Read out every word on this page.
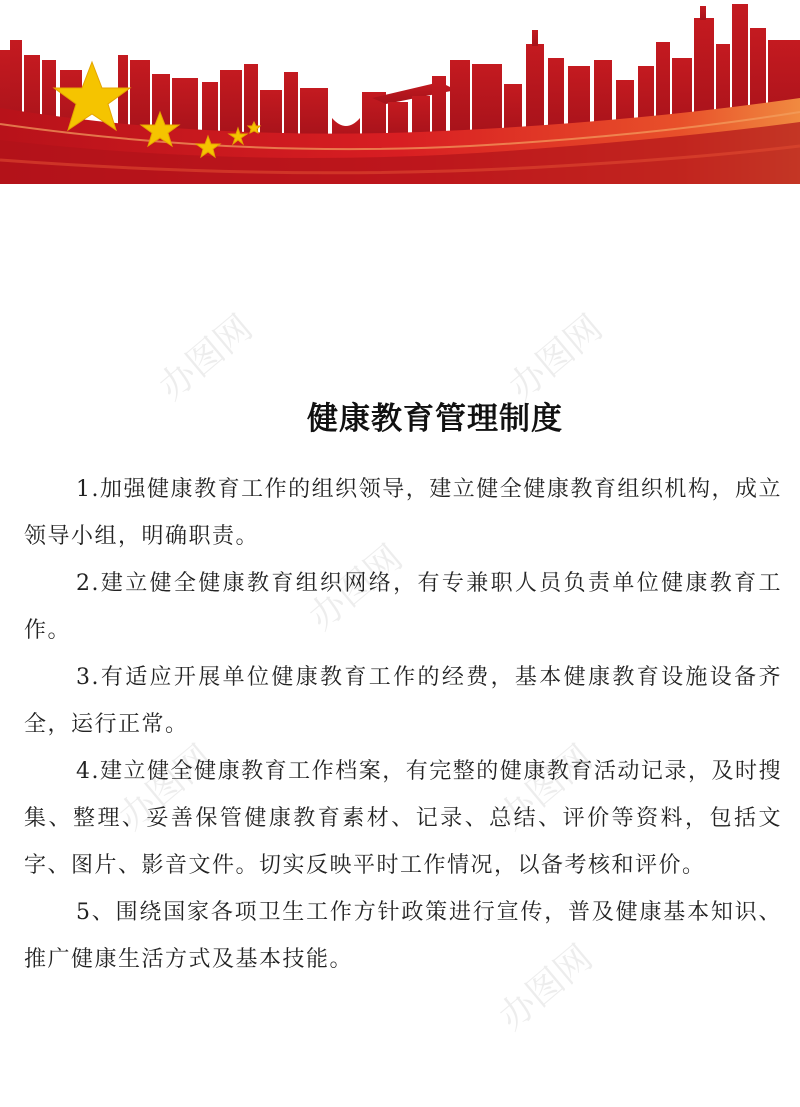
办图网	办图网
办图网
办图网
办图网
办图网
健康教育管理制度

1.加强健康教育工作的组织领导，建立健全健康教育组织机构，成立领导小组，明确职责。

2.建立健全健康教育组织网络，有专兼职人员负责单位健康教育工作。

3.有适应开展单位健康教育工作的经费，基本健康教育设施设备齐全，运行正常。

4.建立健全健康教育工作档案，有完整的健康教育活动记录，及时搜集、整理、妥善保管健康教育素材、记录、总结、评价等资料，包括文字、图片、影音文件。切实反映平时工作情况，以备考核和评价。

5、围绕国家各项卫生工作方针政策进行宣传，普及健康基本知识、推广健康生活方式及基本技能。
